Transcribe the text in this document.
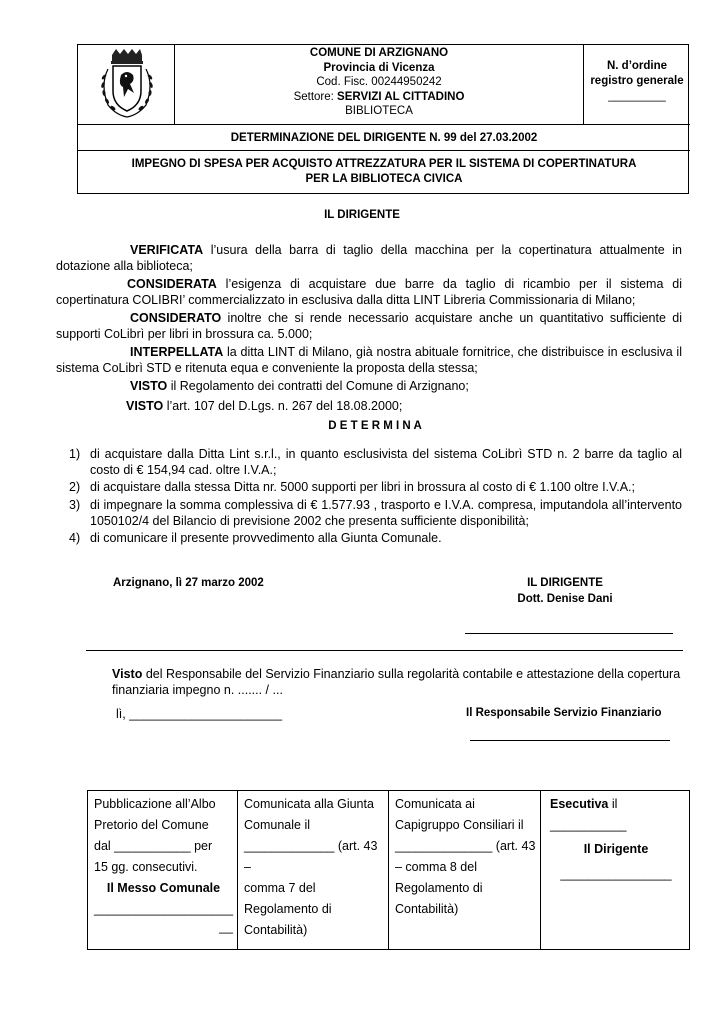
COMUNE DI ARZIGNANO
Provincia di Vicenza
Cod. Fisc. 00244950242
Settore: SERVIZI AL CITTADINO
BIBLIOTECA
N. d’ordine
registro generale
_________
DETERMINAZIONE DEL DIRIGENTE N. 99 del 27.03.2002
IMPEGNO DI SPESA PER ACQUISTO ATTREZZATURA PER IL SISTEMA DI COPERTINATURA
PER LA BIBLIOTECA CIVICA
IL DIRIGENTE
VERIFICATA l’usura della barra di taglio della macchina per la copertinatura attualmente in dotazione alla biblioteca;
CONSIDERATA l’esigenza di acquistare due barre da taglio di ricambio per il sistema di copertinatura COLIBRI’ commercializzato in esclusiva dalla ditta LINT Libreria Commissionaria di Milano;
CONSIDERATO inoltre che si rende necessario acquistare anche un quantitativo sufficiente di supporti CoLibrì per libri in brossura ca. 5.000;
INTERPELLATA la ditta LINT di Milano, già nostra abituale fornitrice, che distribuisce in esclusiva il sistema CoLibrì STD e ritenuta equa e conveniente la proposta della stessa;
VISTO il Regolamento dei contratti del Comune di Arzignano;
VISTO l’art. 107 del D.Lgs. n. 267 del 18.08.2000;
D E T E R M I N A
1) di acquistare dalla Ditta Lint s.r.l., in quanto esclusivista del sistema CoLibrì STD n. 2 barre da taglio al costo di € 154,94 cad. oltre I.V.A.;
2) di acquistare dalla stessa Ditta nr. 5000 supporti per libri in brossura al costo di € 1.100 oltre I.V.A.;
3) di impegnare la somma complessiva di € 1.577.93 , trasporto e I.V.A. compresa, imputandola all’intervento 1050102/4 del Bilancio di previsione 2002 che presenta sufficiente disponibilità;
4) di comunicare il presente provvedimento alla Giunta Comunale.
Arzignano, lì 27 marzo 2002	IL DIRIGENTE
Dott. Denise Dani
Visto del Responsabile del Servizio Finanziario sulla regolarità contabile e attestazione della copertura finanziaria impegno n. ....... / ...
lì, ______________________	Il Responsabile Servizio Finanziario
Pubblicazione all’Albo
Pretorio del Comune
dal ___________ per
15 gg. consecutivi.
Il Messo Comunale
____________________
__
Comunicata alla Giunta
Comunale il
_____________ (art. 43 –
comma 7 del
Regolamento di
Contabilità)
Comunicata ai
Capigruppo Consiliari il
______________ (art. 43
– comma 8 del
Regolamento di
Contabilità)
Esecutiva il
___________
Il Dirigente
________________
